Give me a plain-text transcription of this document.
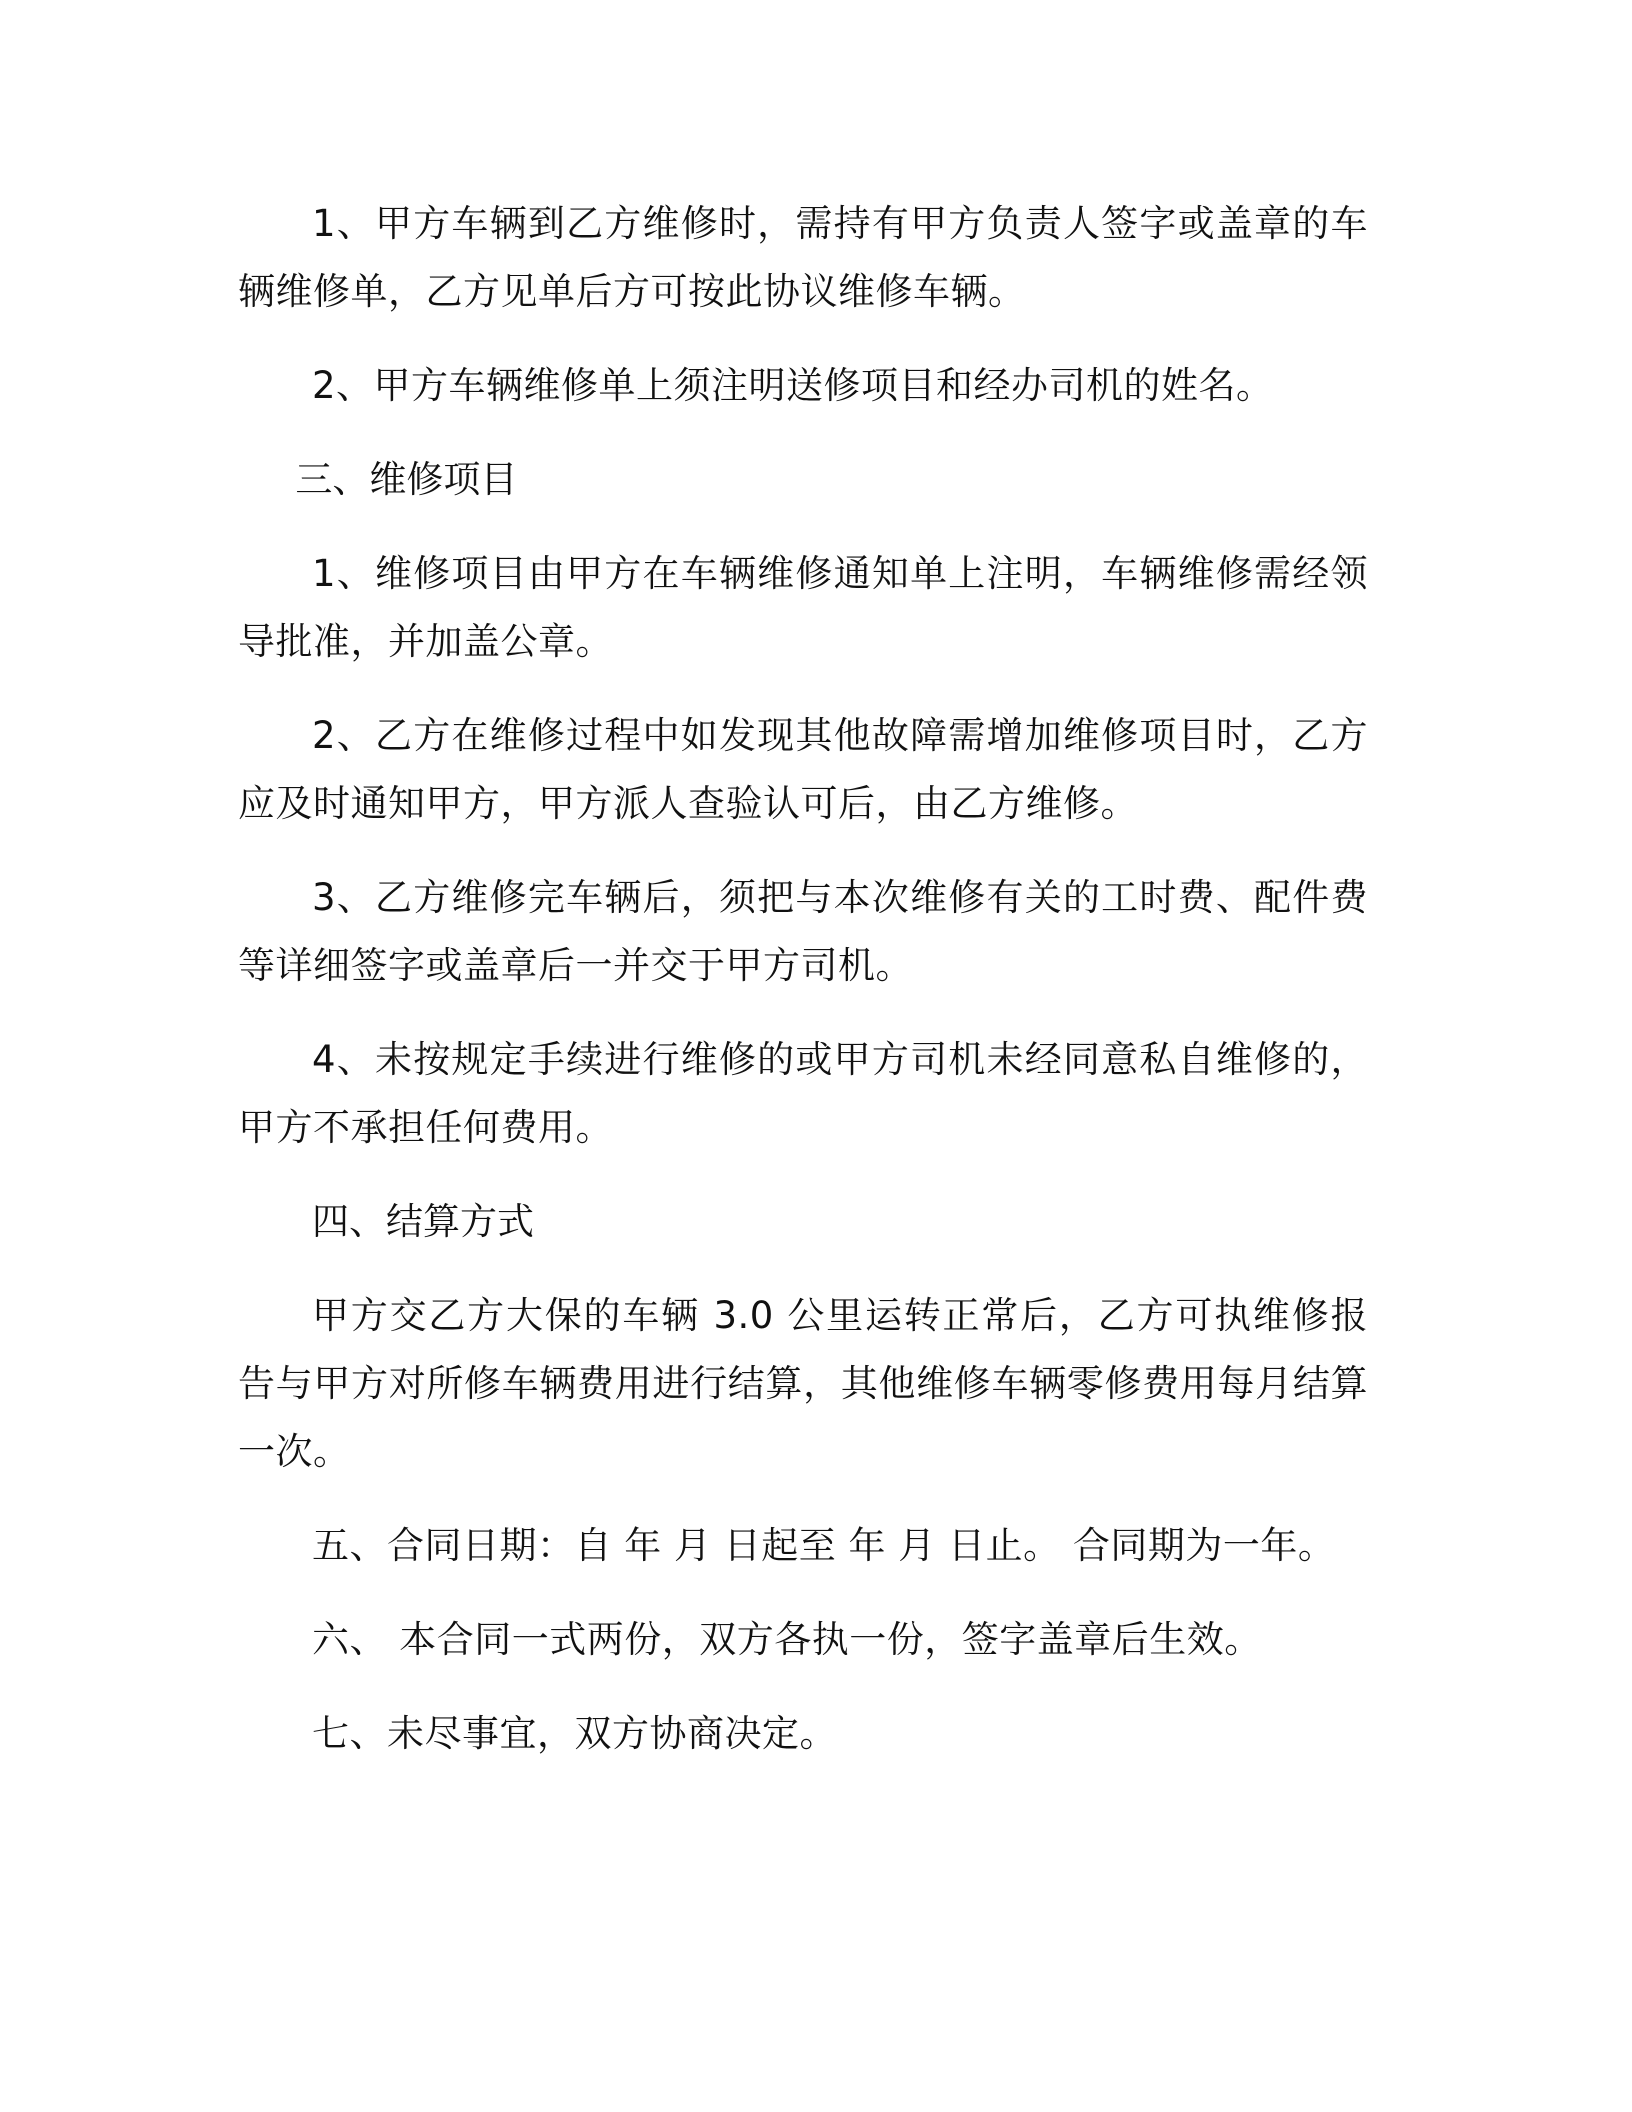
1、甲方车辆到乙方维修时，需持有甲方负责人签字或盖章的车辆维修单，乙方见单后方可按此协议维修车辆。

2、甲方车辆维修单上须注明送修项目和经办司机的姓名。

三、维修项目

1、维修项目由甲方在车辆维修通知单上注明，车辆维修需经领导批准，并加盖公章。

2、乙方在维修过程中如发现其他故障需增加维修项目时，乙方应及时通知甲方，甲方派人查验认可后，由乙方维修。

3、乙方维修完车辆后，须把与本次维修有关的工时费、配件费等详细签字或盖章后一并交于甲方司机。

4、未按规定手续进行维修的或甲方司机未经同意私自维修的，甲方不承担任何费用。

四、结算方式

甲方交乙方大保的车辆 3.0 公里运转正常后，乙方可执维修报告与甲方对所修车辆费用进行结算，其他维修车辆零修费用每月结算一次。

五、合同日期：自 年 月 日起至 年 月 日止。 合同期为一年。

六、 本合同一式两份，双方各执一份，签字盖章后生效。

七、未尽事宜，双方协商决定。
